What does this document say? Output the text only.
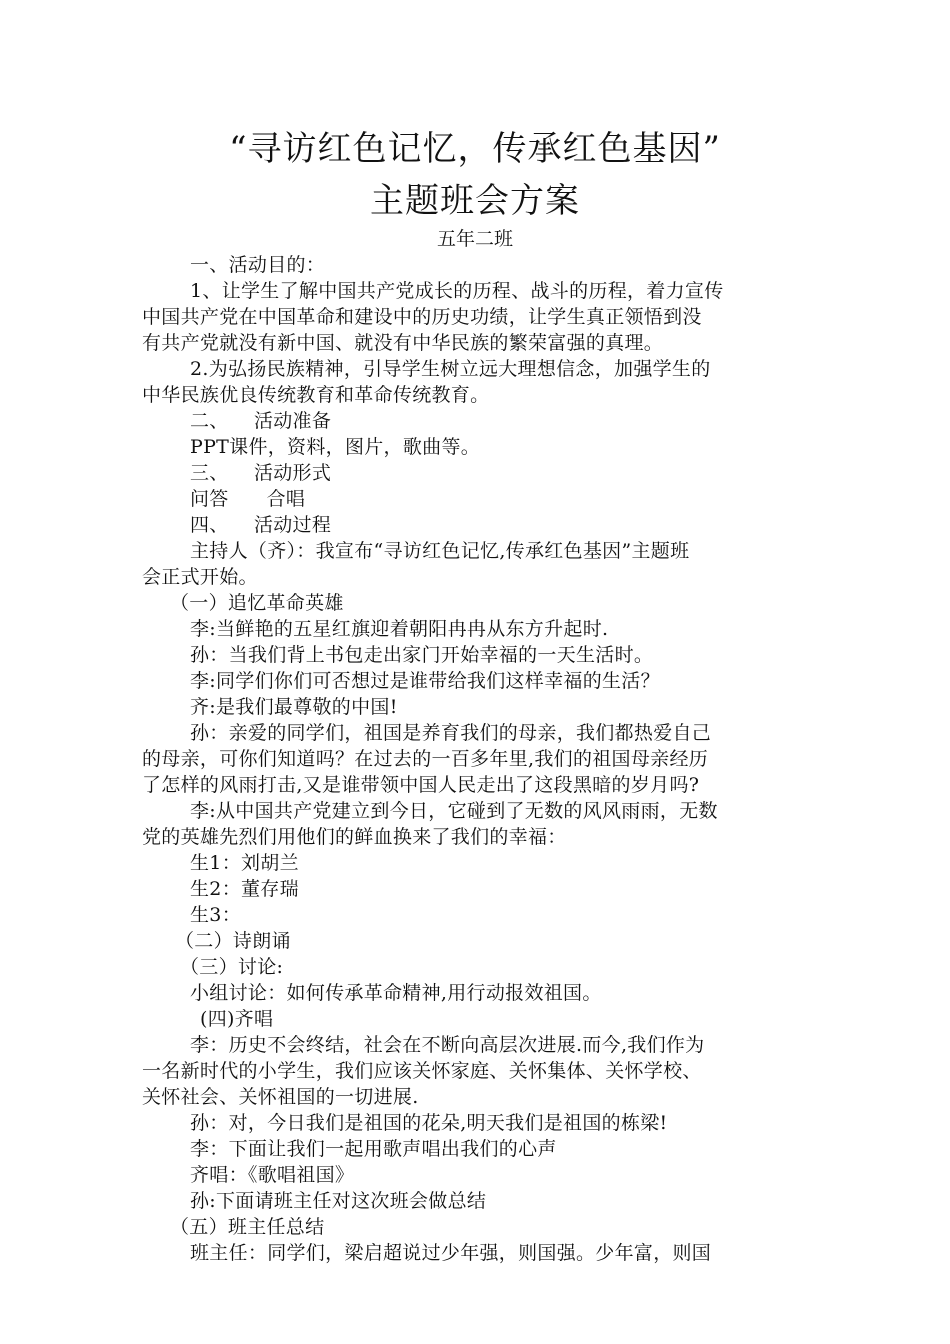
“寻访红色记忆，传承红色基因”
主题班会方案
五年二班
一、活动目的：
1、让学生了解中国共产党成长的历程、战斗的历程，着力宣传
中国共产党在中国革命和建设中的历史功绩，让学生真正领悟到没
有共产党就没有新中国、就没有中华民族的繁荣富强的真理。
2.为弘扬民族精神，引导学生树立远大理想信念，加强学生的
中华民族优良传统教育和革命传统教育。
二、    活动准备
PPT课件，资料，图片，歌曲等。
三、    活动形式
问答      合唱
四、    活动过程
主持人（齐）：我宣布“寻访红色记忆,传承红色基因”主题班
会正式开始。
（一）追忆革命英雄
李:当鲜艳的五星红旗迎着朝阳冉冉从东方升起时.
孙：当我们背上书包走出家门开始幸福的一天生活时。
李:同学们你们可否想过是谁带给我们这样幸福的生活？
齐:是我们最尊敬的中国!
孙：亲爱的同学们，祖国是养育我们的母亲，我们都热爱自己
的母亲，可你们知道吗？在过去的一百多年里,我们的祖国母亲经历
了怎样的风雨打击,又是谁带领中国人民走出了这段黑暗的岁月吗?
李:从中国共产党建立到今日，它碰到了无数的风风雨雨，无数
党的英雄先烈们用他们的鲜血换来了我们的幸福：
生1：刘胡兰
生2：董存瑞
生3：
（二）诗朗诵
（三）讨论:
小组讨论：如何传承革命精神,用行动报效祖国。
(四)齐唱
李：历史不会终结，社会在不断向高层次进展.而今,我们作为
一名新时代的小学生，我们应该关怀家庭、关怀集体、关怀学校、
关怀社会、关怀祖国的一切进展.
孙：对，今日我们是祖国的花朵,明天我们是祖国的栋梁!
李：下面让我们一起用歌声唱出我们的心声
齐唱：《歌唱祖国》
孙:下面请班主任对这次班会做总结
（五）班主任总结
班主任：同学们，梁启超说过少年强，则国强。少年富，则国
